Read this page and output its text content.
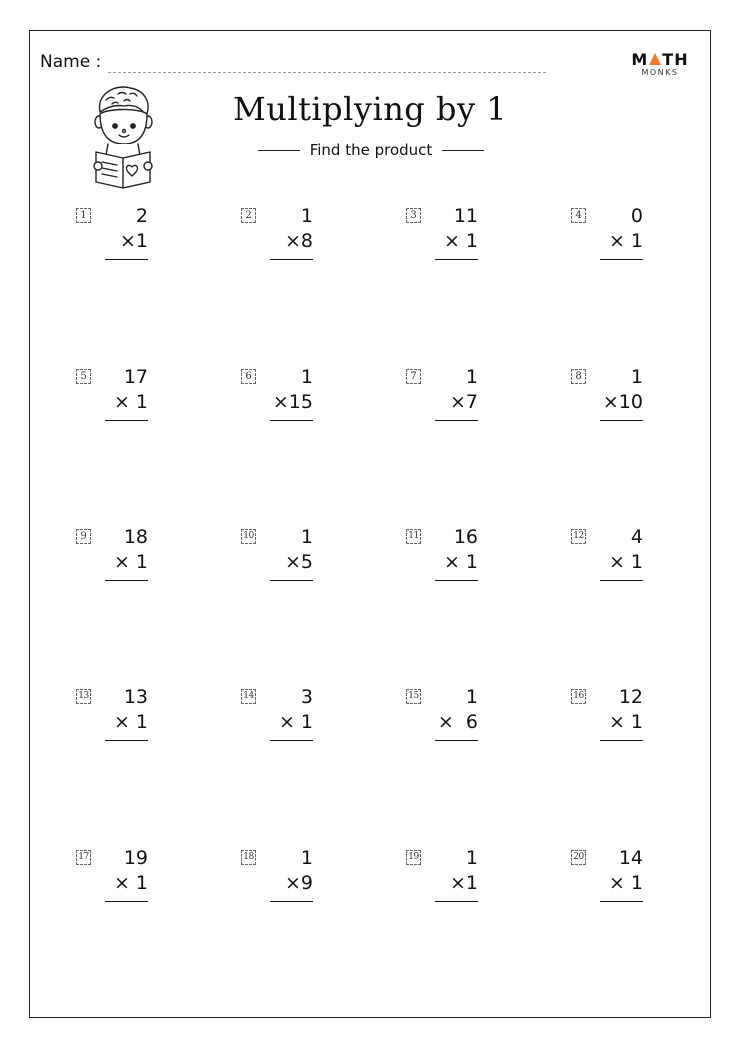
Name :	M TH
MONKS
Multiplying by 1
Find the product
1	2
×1
2	1
×8
3 11
× 1
4	0
× 1
5 17
× 1
6	1
×15
7	1
×7
8	1
×10
9 18
× 1
10 1
×5
11 16
× 1
12 4
× 1
13 13
× 1
14 3
× 1
15 1
×  6
16 12
× 1
17 19
× 1
18 1
×9
19 1
×1
20 14
× 1
